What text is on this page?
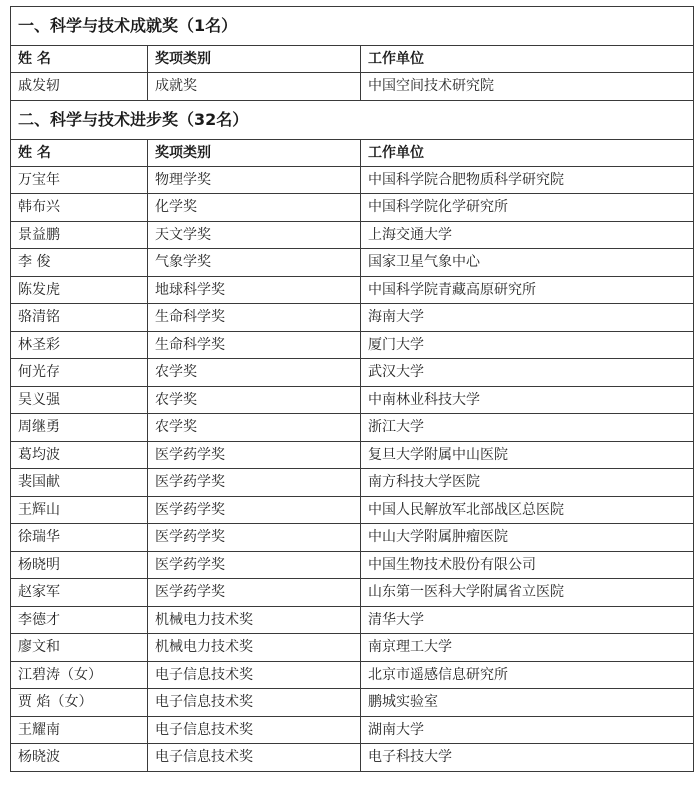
一、科学与技术成就奖（1名）		
姓 名	奖项类别	工作单位
戚发轫	成就奖	中国空间技术研究院
二、科学与技术进步奖（32名）		
姓 名	奖项类别	工作单位
万宝年	物理学奖	中国科学院合肥物质科学研究院
韩布兴	化学奖	中国科学院化学研究所
景益鹏	天文学奖	上海交通大学
李 俊	气象学奖	国家卫星气象中心
陈发虎	地球科学奖	中国科学院青藏高原研究所
骆清铭	生命科学奖	海南大学
林圣彩	生命科学奖	厦门大学
何光存	农学奖	武汉大学
吴义强	农学奖	中南林业科技大学
周继勇	农学奖	浙江大学
葛均波	医学药学奖	复旦大学附属中山医院
裴国献	医学药学奖	南方科技大学医院
王辉山	医学药学奖	中国人民解放军北部战区总医院
徐瑞华	医学药学奖	中山大学附属肿瘤医院
杨晓明	医学药学奖	中国生物技术股份有限公司
赵家军	医学药学奖	山东第一医科大学附属省立医院
李德才	机械电力技术奖	清华大学
廖文和	机械电力技术奖	南京理工大学
江碧涛（女）	电子信息技术奖	北京市遥感信息研究所
贾 焰（女）	电子信息技术奖	鹏城实验室
王耀南	电子信息技术奖	湖南大学
杨晓波	电子信息技术奖	电子科技大学
